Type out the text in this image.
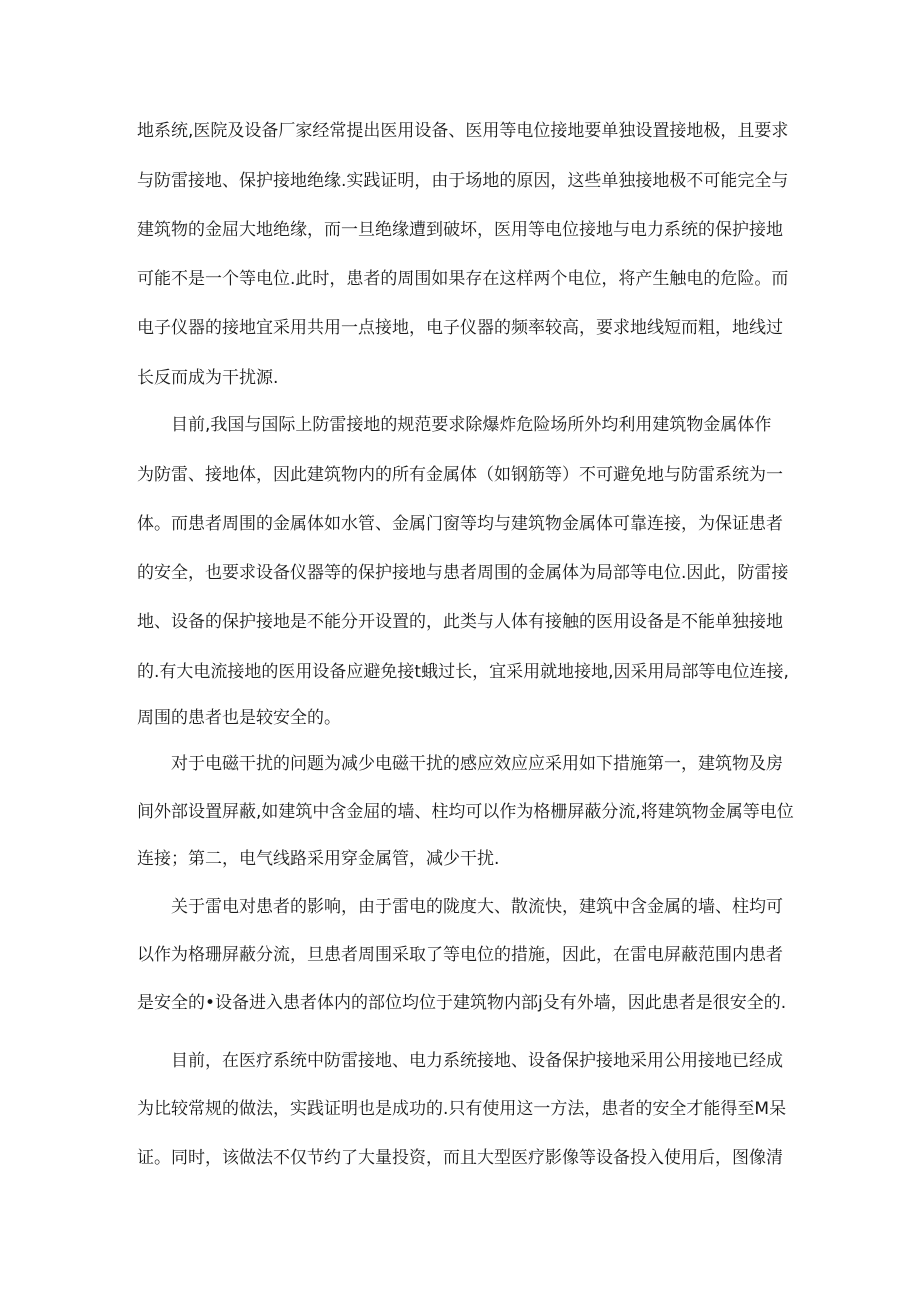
地系统,医院及设备厂家经常提出医用设备、医用等电位接地要单独设置接地极，且要求
与防雷接地、保护接地绝缘.实践证明，由于场地的原因，这些单独接地极不可能完全与
建筑物的金屈大地绝缘，而一旦绝缘遭到破坏，医用等电位接地与电力系统的保护接地
可能不是一个等电位.此时，患者的周围如果存在这样两个电位，将产生触电的危险。而
电子仪器的接地宜采用共用一点接地，电子仪器的频率较高，要求地线短而粗，地线过
长反而成为干扰源.
目前,我国与国际上防雷接地的规范要求除爆炸危险场所外均利用建筑物金属体作
为防雷、接地体，因此建筑物内的所有金属体（如钢筋等）不可避免地与防雷系统为一
体。而患者周围的金属体如水管、金属门窗等均与建筑物金属体可靠连接，为保证患者
的安全，也要求设备仪器等的保护接地与患者周围的金属体为局部等电位.因此，防雷接
地、设备的保护接地是不能分开设置的，此类与人体有接触的医用设备是不能单独接地
的.有大电流接地的医用设备应避免接t蛾过长，宜采用就地接地,因采用局部等电位连接,
周围的患者也是较安全的。
对于电磁干扰的问题为减少电磁干扰的感应效应应采用如下措施第一，建筑物及房
间外部设置屏蔽,如建筑中含金屈的墙、柱均可以作为格栅屏蔽分流,将建筑物金属等电位
连接；第二，电气线路采用穿金属管，减少干扰.
关于雷电对患者的影响，由于雷电的陇度大、散流快，建筑中含金属的墙、柱均可
以作为格珊屏蔽分流，旦患者周围采取了等电位的措施，因此，在雷电屏蔽范围内患者
是安全的•设备进入患者体内的部位均位于建筑物内部j殳有外墙，因此患者是很安全的.
目前，在医疗系统中防雷接地、电力系统接地、设备保护接地采用公用接地已经成
为比较常规的做法，实践证明也是成功的.只有使用这一方法，患者的安全才能得至M呆
证。同时，该做法不仅节约了大量投资，而且大型医疗影像等设备投入使用后，图像清
